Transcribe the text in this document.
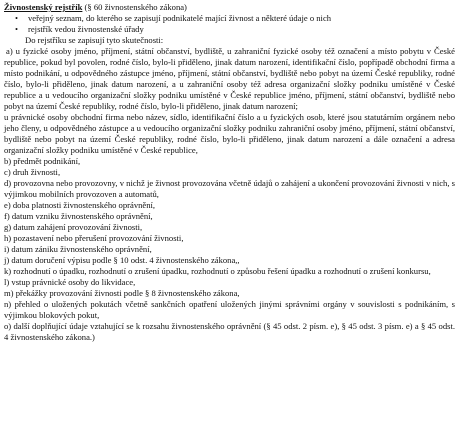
Živnostenský rejstřík (§ 60 živnostenského zákona)
• veřejný seznam, do kterého se zapisují podnikatelé mající živnost a některé údaje o nich
• rejstřík vedou živnostenské úřady

Do rejstříku se zapisují tyto skutečnosti:

a) u fyzické osoby jméno, příjmení, státní občanství, bydliště, u zahraniční fyzické osoby též označení a místo pobytu v České republice, pokud byl povolen, rodné číslo, bylo-li přiděleno, jinak datum narození, identifikační číslo, popřípadě obchodní firma a místo podnikání, u odpovědného zástupce jméno, příjmení, státní občanství, bydliště nebo pobyt na území České republiky, rodné číslo, bylo-li přiděleno, jinak datum narození, a u zahraniční osoby též adresa organizační složky podniku umístěné v České republice a u vedoucího organizační složky podniku umístěné v České republice jméno, příjmení, státní občanství, bydliště nebo pobyt na území České republiky, rodné číslo, bylo-li přiděleno, jinak datum narození;

u právnické osoby obchodní firma nebo název, sídlo, identifikační číslo a u fyzických osob, které jsou statutárním orgánem nebo jeho členy, u odpovědného zástupce a u vedoucího organizační složky podniku zahraniční osoby jméno, příjmení, státní občanství, bydliště nebo pobyt na území České republiky, rodné číslo, bylo-li přiděleno, jinak datum narození a dále označení a adresa organizační složky podniku umístěné v České republice,

b) předmět podnikání,

c) druh živnosti,

d) provozovna nebo provozovny, v nichž je živnost provozována včetně údajů o zahájení a ukončení provozování živnosti v nich, s výjimkou mobilních provozoven a automatů,

e) doba platnosti živnostenského oprávnění,

f) datum vzniku živnostenského oprávnění,

g) datum zahájení provozování živnosti,

h) pozastavení nebo přerušení provozování živnosti,

i) datum zániku živnostenského oprávnění,

j) datum doručení výpisu podle § 10 odst. 4 živnostenského zákona,,

k) rozhodnutí o úpadku, rozhodnutí o zrušení úpadku, rozhodnutí o způsobu řešení úpadku a rozhodnutí o zrušení konkursu,

l) vstup právnické osoby do likvidace,

m) překážky provozování živnosti podle § 8 živnostenského zákona,

n) přehled o uložených pokutách včetně sankčních opatření uložených jinými správními orgány v souvislosti s podnikáním, s výjimkou blokových pokut,

o) další doplňující údaje vztahující se k rozsahu živnostenského oprávnění (§ 45 odst. 2 písm. e), § 45 odst. 3 písm. e) a § 45 odst. 4 živnostenského zákona.)
